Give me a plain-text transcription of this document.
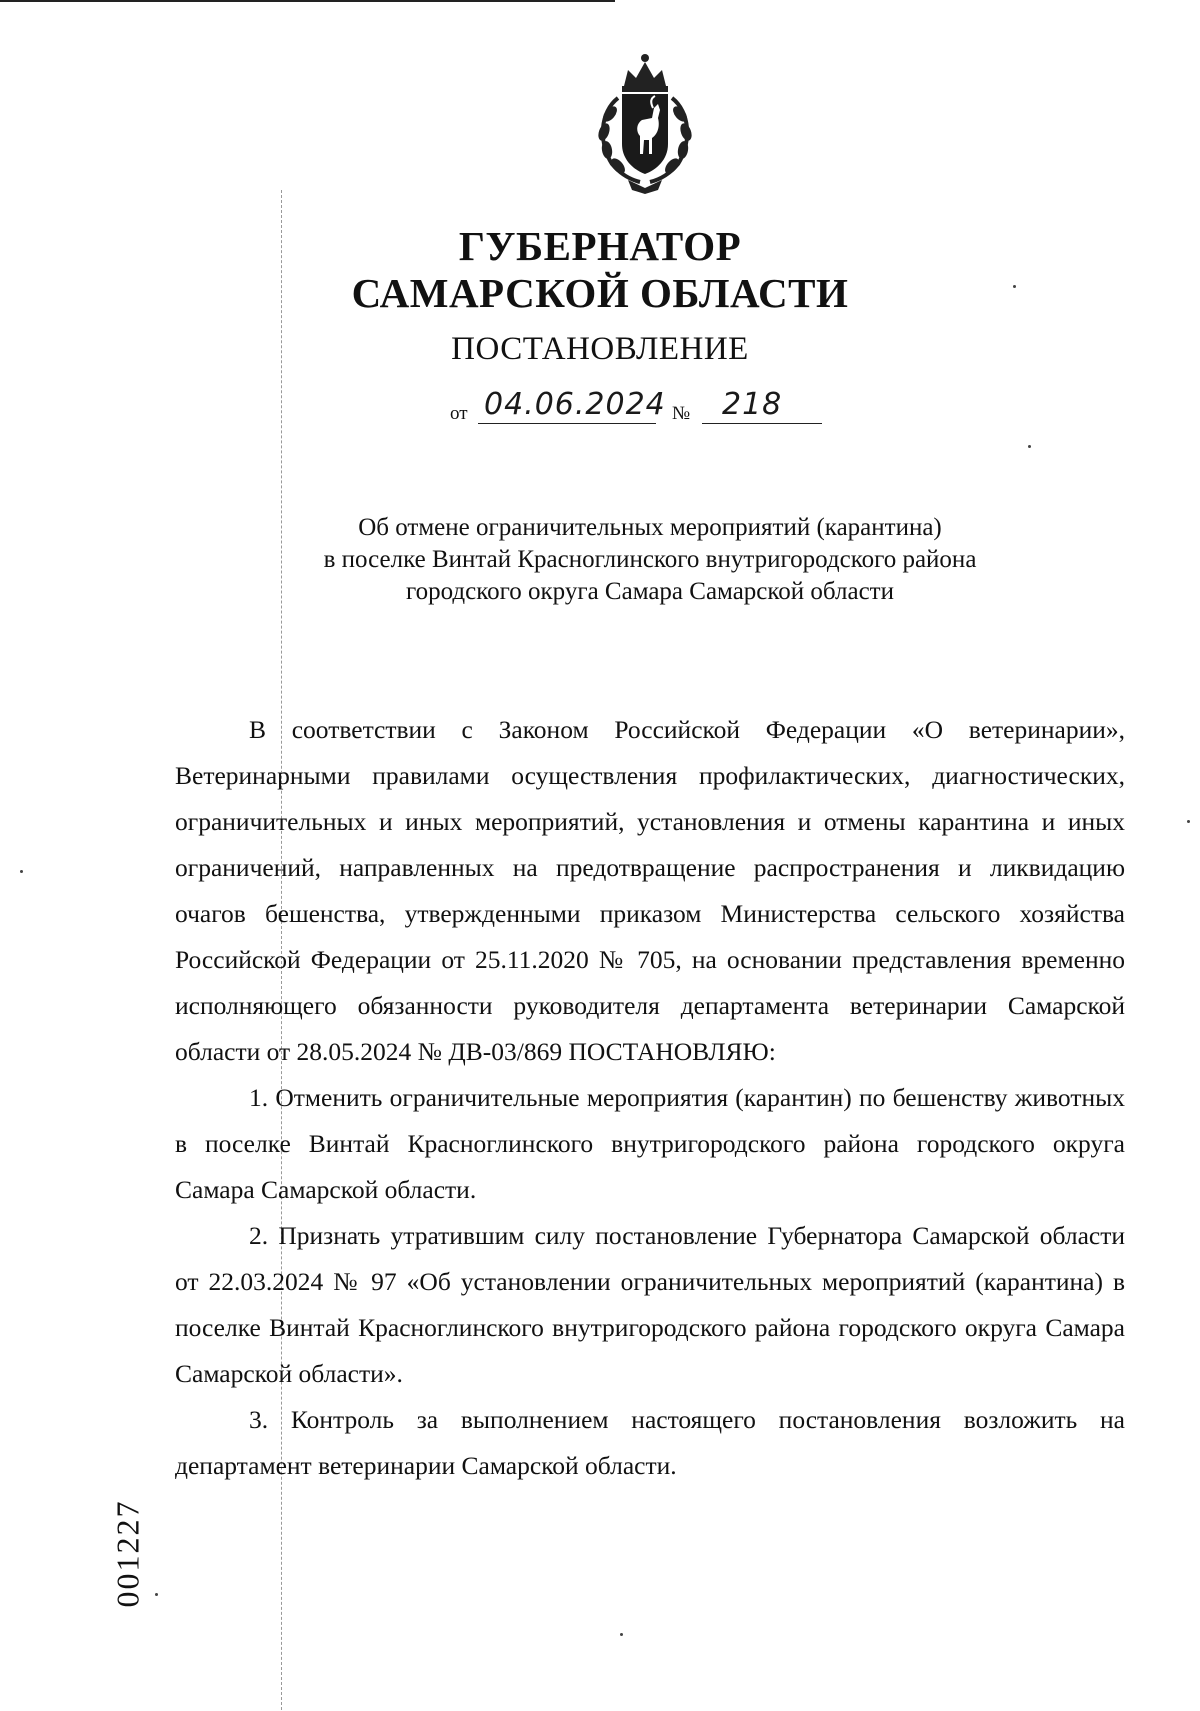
ГУБЕРНАТОР
САМАРСКОЙ ОБЛАСТИ
ПОСТАНОВЛЕНИЕ
от 04.06.2024 № 218
Об отмене ограничительных мероприятий (карантина)
в поселке Винтай Красноглинского внутригородского района
городского округа Самара Самарской области

В соответствии с Законом Российской Федерации «О ветеринарии», Ветеринарными правилами осуществления профилактических, диагностических, ограничительных и иных мероприятий, установления и отмены карантина и иных ограничений, направленных на предотвращение распространения и ликвидацию очагов бешенства, утвержденными приказом Министерства сельского хозяйства Российской Федерации от 25.11.2020 № 705, на основании представления временно исполняющего обязанности руководителя департамента ветеринарии Самарской области от 28.05.2024 № ДВ-03/869 ПОСТАНОВЛЯЮ:

1. Отменить ограничительные мероприятия (карантин) по бешенству животных в поселке Винтай Красноглинского внутригородского района городского округа Самара Самарской области.

2. Признать утратившим силу постановление Губернатора Самарской области от 22.03.2024 № 97 «Об установлении ограничительных мероприятий (карантина) в поселке Винтай Красноглинского внутригородского района городского округа Самара Самарской области».

3. Контроль за выполнением настоящего постановления возложить на департамент ветеринарии Самарской области.

001227
